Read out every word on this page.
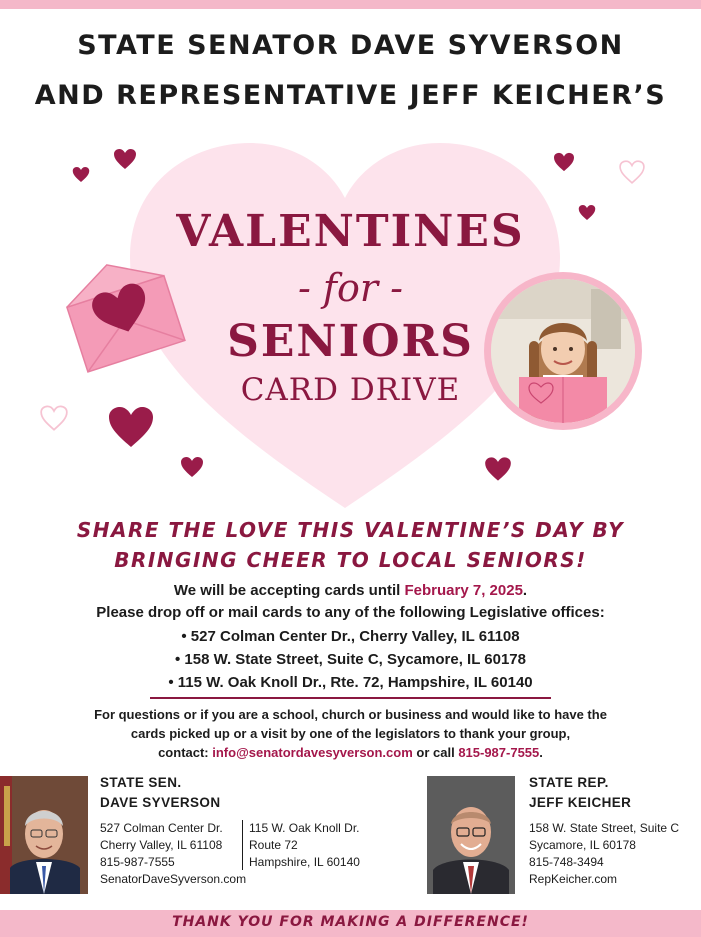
STATE SENATOR DAVE SYVERSON
AND REPRESENTATIVE JEFF KEICHER’S
VALENTINES
- for -
SENIORS
CARD DRIVE
SHARE THE LOVE THIS VALENTINE’S DAY BY
BRINGING CHEER TO LOCAL SENIORS!
We will be accepting cards until February 7, 2025.
Please drop off or mail cards to any of the following Legislative offices:
• 527 Colman Center Dr., Cherry Valley, IL 61108
• 158 W. State Street, Suite C, Sycamore, IL 60178
• 115 W. Oak Knoll Dr., Rte. 72, Hampshire, IL 60140
For questions or if you are a school, church or business and would like to have the
cards picked up or a visit by one of the legislators to thank your group,
contact: info@senatordavesyverson.com or call 815-987-7555.
STATE SEN.
DAVE SYVERSON
527 Colman Center Dr.
Cherry Valley, IL 61108
815-987-7555
SenatorDaveSyverson.com
115 W. Oak Knoll Dr.
Route 72
Hampshire, IL 60140
STATE REP.
JEFF KEICHER
158 W. State Street, Suite C
Sycamore, IL 60178
815-748-3494
RepKeicher.com
THANK YOU FOR MAKING A DIFFERENCE!
